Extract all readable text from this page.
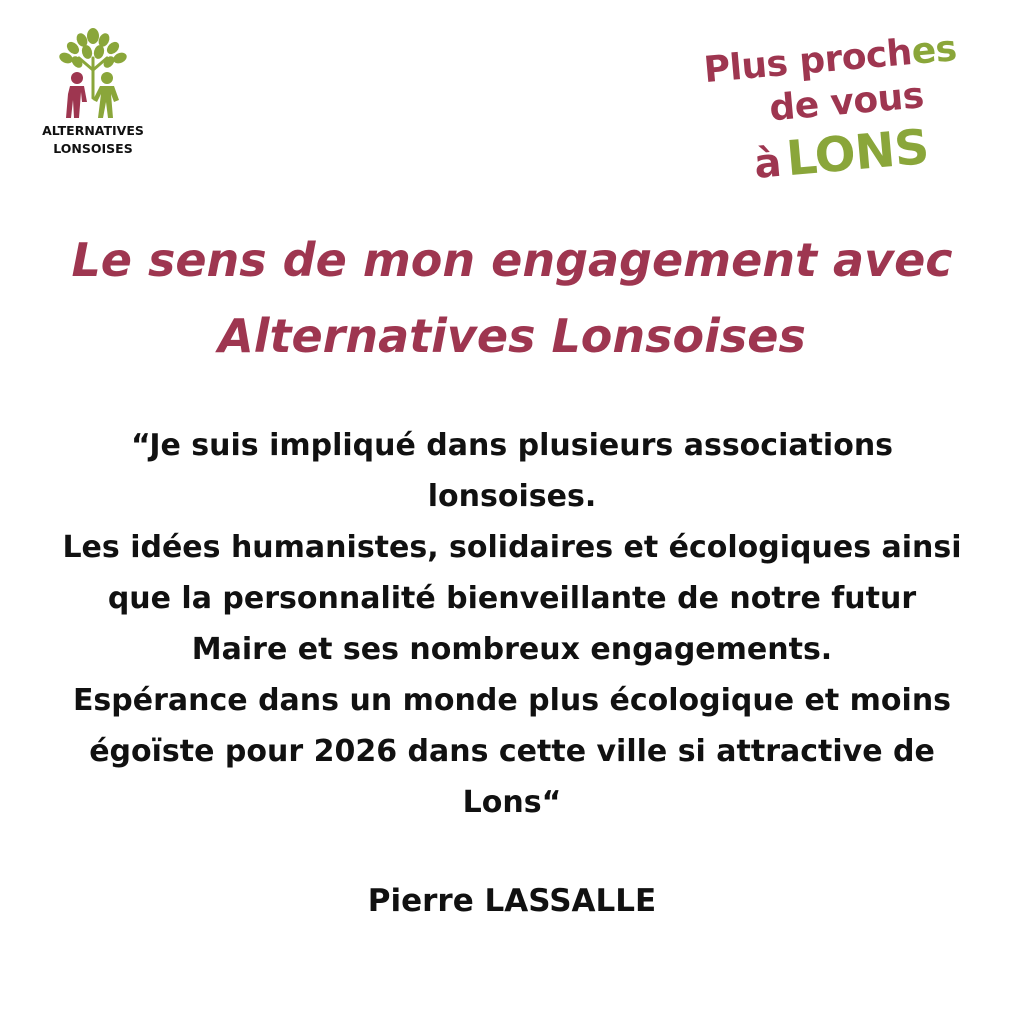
ALTERNATIVES
LONSOISES
Plus proches
de vous
à LONS
Le sens de mon engagement avec
Alternatives Lonsoises
“Je suis impliqué dans plusieurs associations
lonsoises.
Les idées humanistes, solidaires et écologiques ainsi
que la personnalité bienveillante de notre futur
Maire et ses nombreux engagements.
Espérance dans un monde plus écologique et moins
égoïste pour 2026 dans cette ville si attractive de
Lons“
Pierre LASSALLE
